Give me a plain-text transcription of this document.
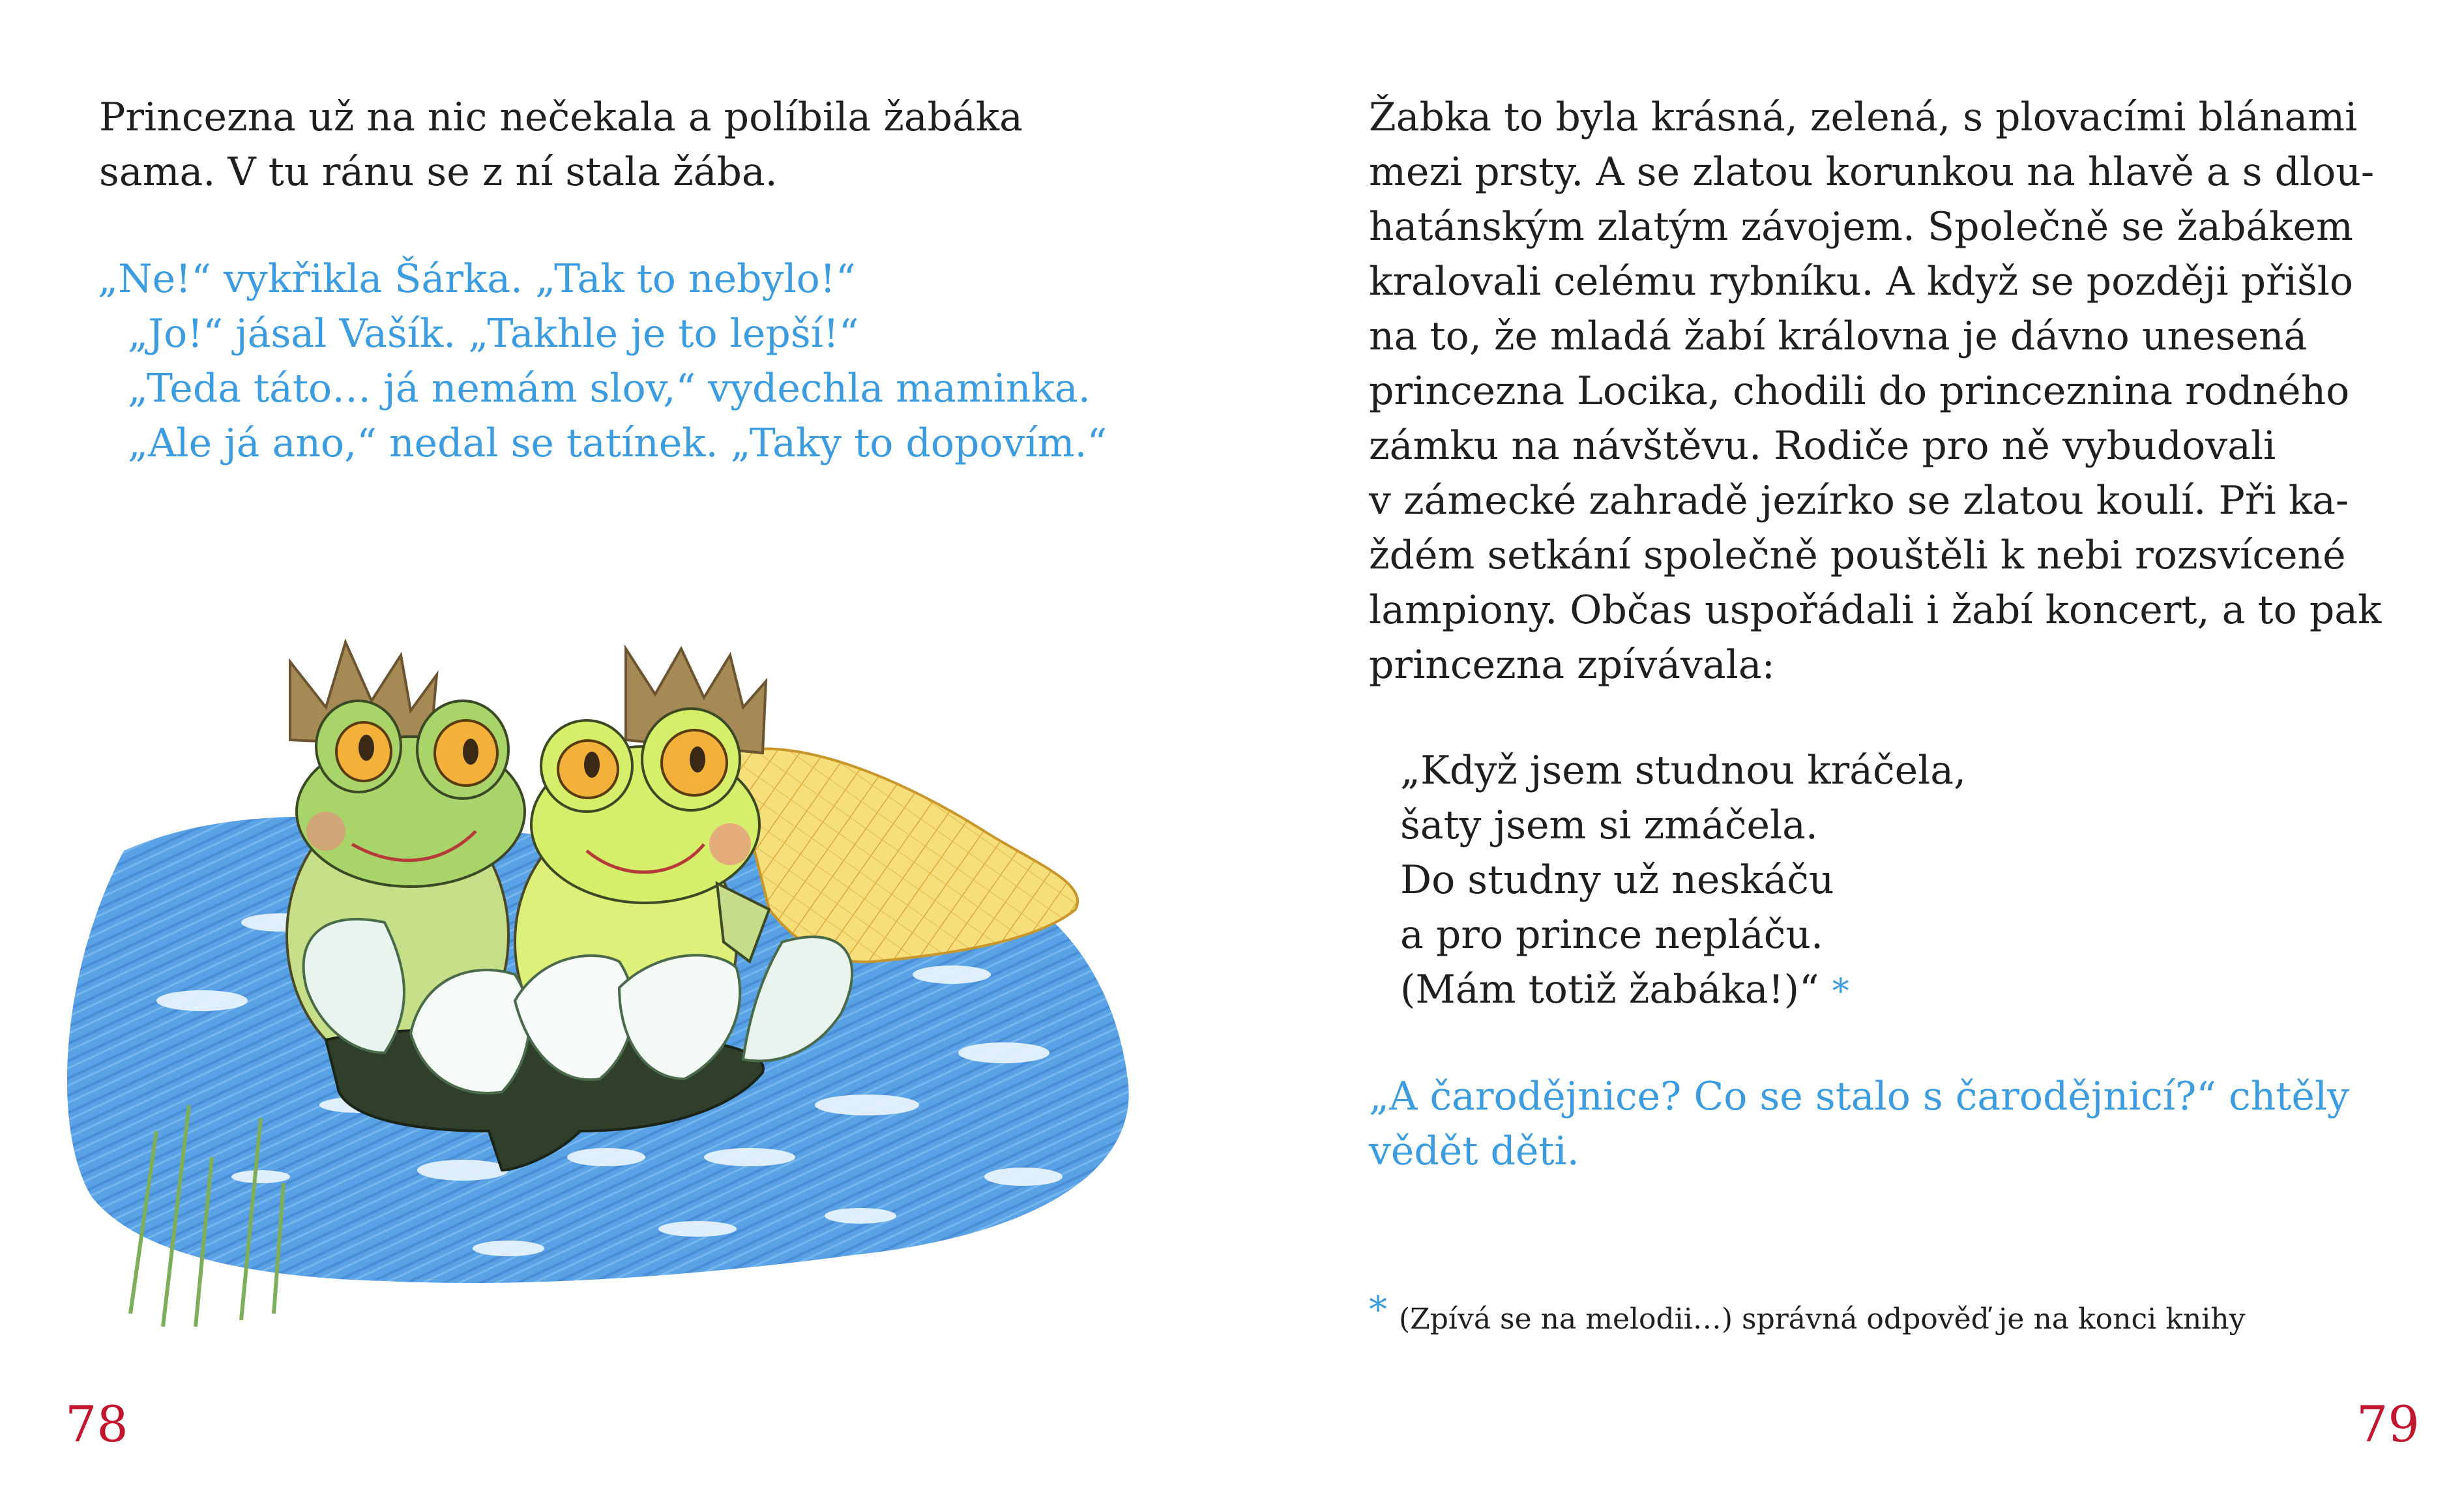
Princezna už na nic nečekala a políbila žabáka
sama. V tu ránu se z ní stala žába.

„Ne!“ vykřikla Šárka. „Tak to nebylo!“
„Jo!“ jásal Vašík. „Takhle je to lepší!“
„Teda táto… já nemám slov,“ vydechla maminka.
„Ale já ano,“ nedal se tatínek. „Taky to dopovím.“

78

Žabka to byla krásná, zelená, s plovacími blánami
mezi prsty. A se zlatou korunkou na hlavě a s dlou-
hatánským zlatým závojem. Společně se žabákem
kralovali celému rybníku. A když se později přišlo
na to, že mladá žabí královna je dávno unesená
princezna Locika, chodili do princeznina rodného
zámku na návštěvu. Rodiče pro ně vybudovali
v zámecké zahradě jezírko se zlatou koulí. Při ka-
ždém setkání společně pouštěli k nebi rozsvícené
lampiony. Občas uspořádali i žabí koncert, a to pak
princezna zpívávala:

„Když jsem studnou kráčela,
šaty jsem si zmáčela.
Do studny už neskáču
a pro prince nepláču.
(Mám totiž žabáka!)“ *

„A čarodějnice? Co se stalo s čarodějnicí?“ chtěly
vědět děti.

* (Zpívá se na melodii…) správná odpověď je na konci knihy
79
